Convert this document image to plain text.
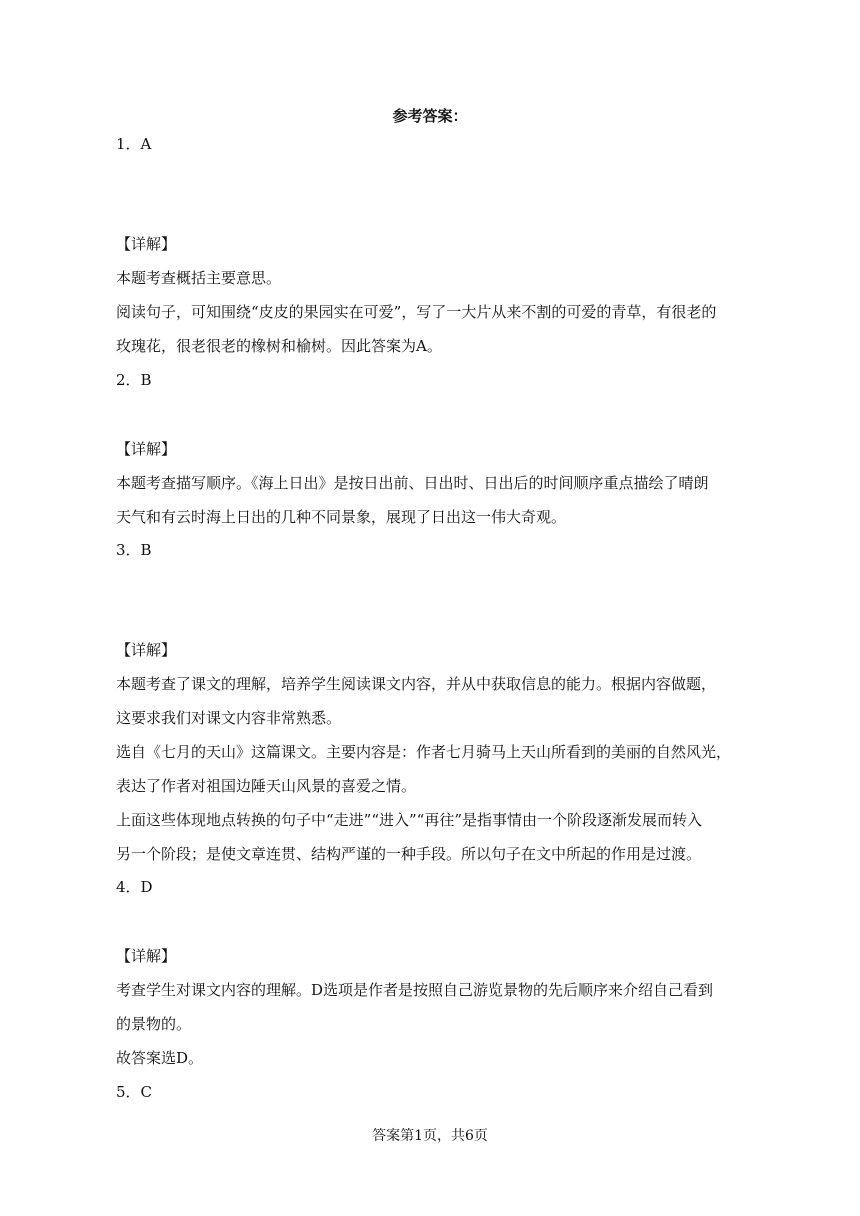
参考答案：
1．A
【详解】
本题考查概括主要意思。
阅读句子，可知围绕“皮皮的果园实在可爱”，写了一大片从来不割的可爱的青草，有很老的
玫瑰花，很老很老的橡树和榆树。因此答案为A。
2．B
【详解】
本题考查描写顺序。《海上日出》是按日出前、日出时、日出后的时间顺序重点描绘了晴朗
天气和有云时海上日出的几种不同景象，展现了日出这一伟大奇观。
3．B
【详解】
本题考查了课文的理解，培养学生阅读课文内容，并从中获取信息的能力。根据内容做题，
这要求我们对课文内容非常熟悉。
选自《七月的天山》这篇课文。主要内容是：作者七月骑马上天山所看到的美丽的自然风光，
表达了作者对祖国边陲天山风景的喜爱之情。
上面这些体现地点转换的句子中“走进”“进入”“再往”是指事情由一个阶段逐渐发展而转入
另一个阶段；是使文章连贯、结构严谨的一种手段。所以句子在文中所起的作用是过渡。
4．D
【详解】
考查学生对课文内容的理解。D选项是作者是按照自己游览景物的先后顺序来介绍自己看到
的景物的。
故答案选D。
5．C
答案第1页，共6页
